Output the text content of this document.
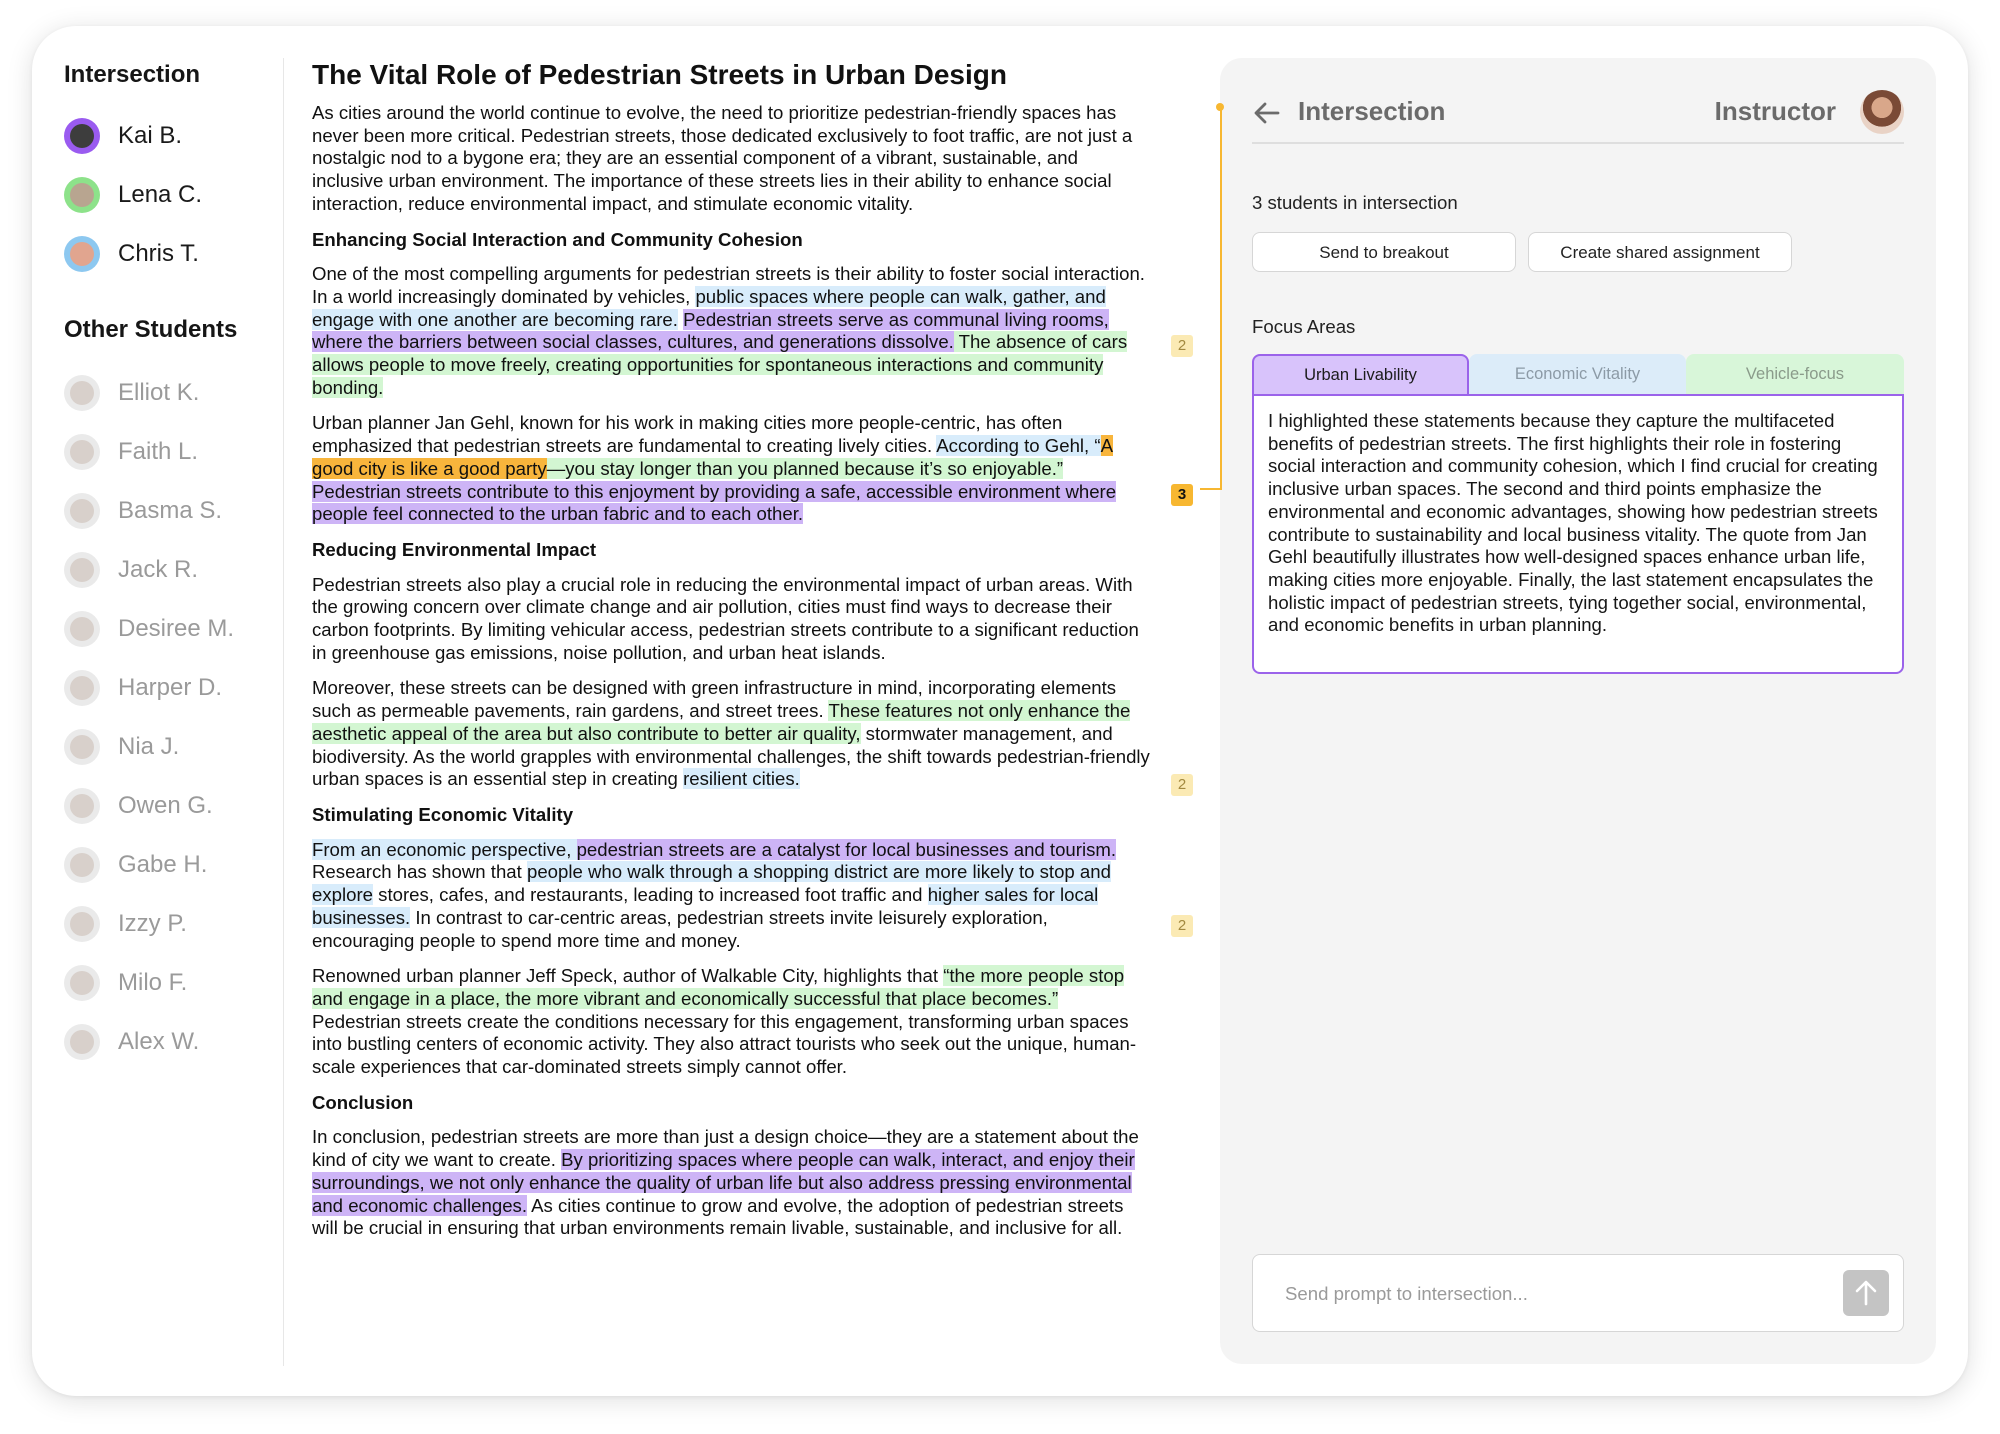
Intersection
Kai B.
Lena C.
Chris T.
Other Students
Elliot K.
Faith L.
Basma S.
Jack R.
Desiree M.
Harper D.
Nia J.
Owen G.
Gabe H.
Izzy P.
Milo F.
Alex W.
The Vital Role of Pedestrian Streets in Urban Design

As cities around the world continue to evolve, the need to prioritize pedestrian-friendly spaces has never been more critical. Pedestrian streets, those dedicated exclusively to foot traffic, are not just a nostalgic nod to a bygone era; they are an essential component of a vibrant, sustainable, and inclusive urban environment. The importance of these streets lies in their ability to enhance social interaction, reduce environmental impact, and stimulate economic vitality.

Enhancing Social Interaction and Community Cohesion

One of the most compelling arguments for pedestrian streets is their ability to foster social interaction. In a world increasingly dominated by vehicles, public spaces where people can walk, gather, and engage with one another are becoming rare. Pedestrian streets serve as communal living rooms, where the barriers between social classes, cultures, and generations dissolve. The absence of cars allows people to move freely, creating opportunities for spontaneous interactions and community bonding.

Urban planner Jan Gehl, known for his work in making cities more people-centric, has often emphasized that pedestrian streets are fundamental to creating lively cities. According to Gehl, “A good city is like a good party—you stay longer than you planned because it’s so enjoyable.” Pedestrian streets contribute to this enjoyment by providing a safe, accessible environment where people feel connected to the urban fabric and to each other.

Reducing Environmental Impact

Pedestrian streets also play a crucial role in reducing the environmental impact of urban areas. With the growing concern over climate change and air pollution, cities must find ways to decrease their carbon footprints. By limiting vehicular access, pedestrian streets contribute to a significant reduction in greenhouse gas emissions, noise pollution, and urban heat islands.

Moreover, these streets can be designed with green infrastructure in mind, incorporating elements such as permeable pavements, rain gardens, and street trees. These features not only enhance the aesthetic appeal of the area but also contribute to better air quality, stormwater management, and biodiversity. As the world grapples with environmental challenges, the shift towards pedestrian-friendly urban spaces is an essential step in creating resilient cities.

Stimulating Economic Vitality

From an economic perspective, pedestrian streets are a catalyst for local businesses and tourism. Research has shown that people who walk through a shopping district are more likely to stop and explore stores, cafes, and restaurants, leading to increased foot traffic and higher sales for local businesses. In contrast to car-centric areas, pedestrian streets invite leisurely exploration, encouraging people to spend more time and money.

Renowned urban planner Jeff Speck, author of Walkable City, highlights that “the more people stop and engage in a place, the more vibrant and economically successful that place becomes.” Pedestrian streets create the conditions necessary for this engagement, transforming urban spaces into bustling centers of economic activity. They also attract tourists who seek out the unique, human-scale experiences that car-dominated streets simply cannot offer.

Conclusion

In conclusion, pedestrian streets are more than just a design choice—they are a statement about the kind of city we want to create. By prioritizing spaces where people can walk, interact, and enjoy their surroundings, we not only enhance the quality of urban life but also address pressing environmental and economic challenges. As cities continue to grow and evolve, the adoption of pedestrian streets will be crucial in ensuring that urban environments remain livable, sustainable, and inclusive for all.

2
3
2
2
Intersection	Instructor
3 students in intersection
Send to breakout	Create shared assignment
Focus Areas
Urban Livability	Economic Vitality	Vehicle-focus
I highlighted these statements because they capture the multifaceted benefits of pedestrian streets. The first highlights their role in fostering social interaction and community cohesion, which I find crucial for creating inclusive urban spaces. The second and third points emphasize the environmental and economic advantages, showing how pedestrian streets contribute to sustainability and local business vitality. The quote from Jan Gehl beautifully illustrates how well-designed spaces enhance urban life, making cities more enjoyable. Finally, the last statement encapsulates the holistic impact of pedestrian streets, tying together social, environmental, and economic benefits in urban planning.
Send prompt to intersection...
